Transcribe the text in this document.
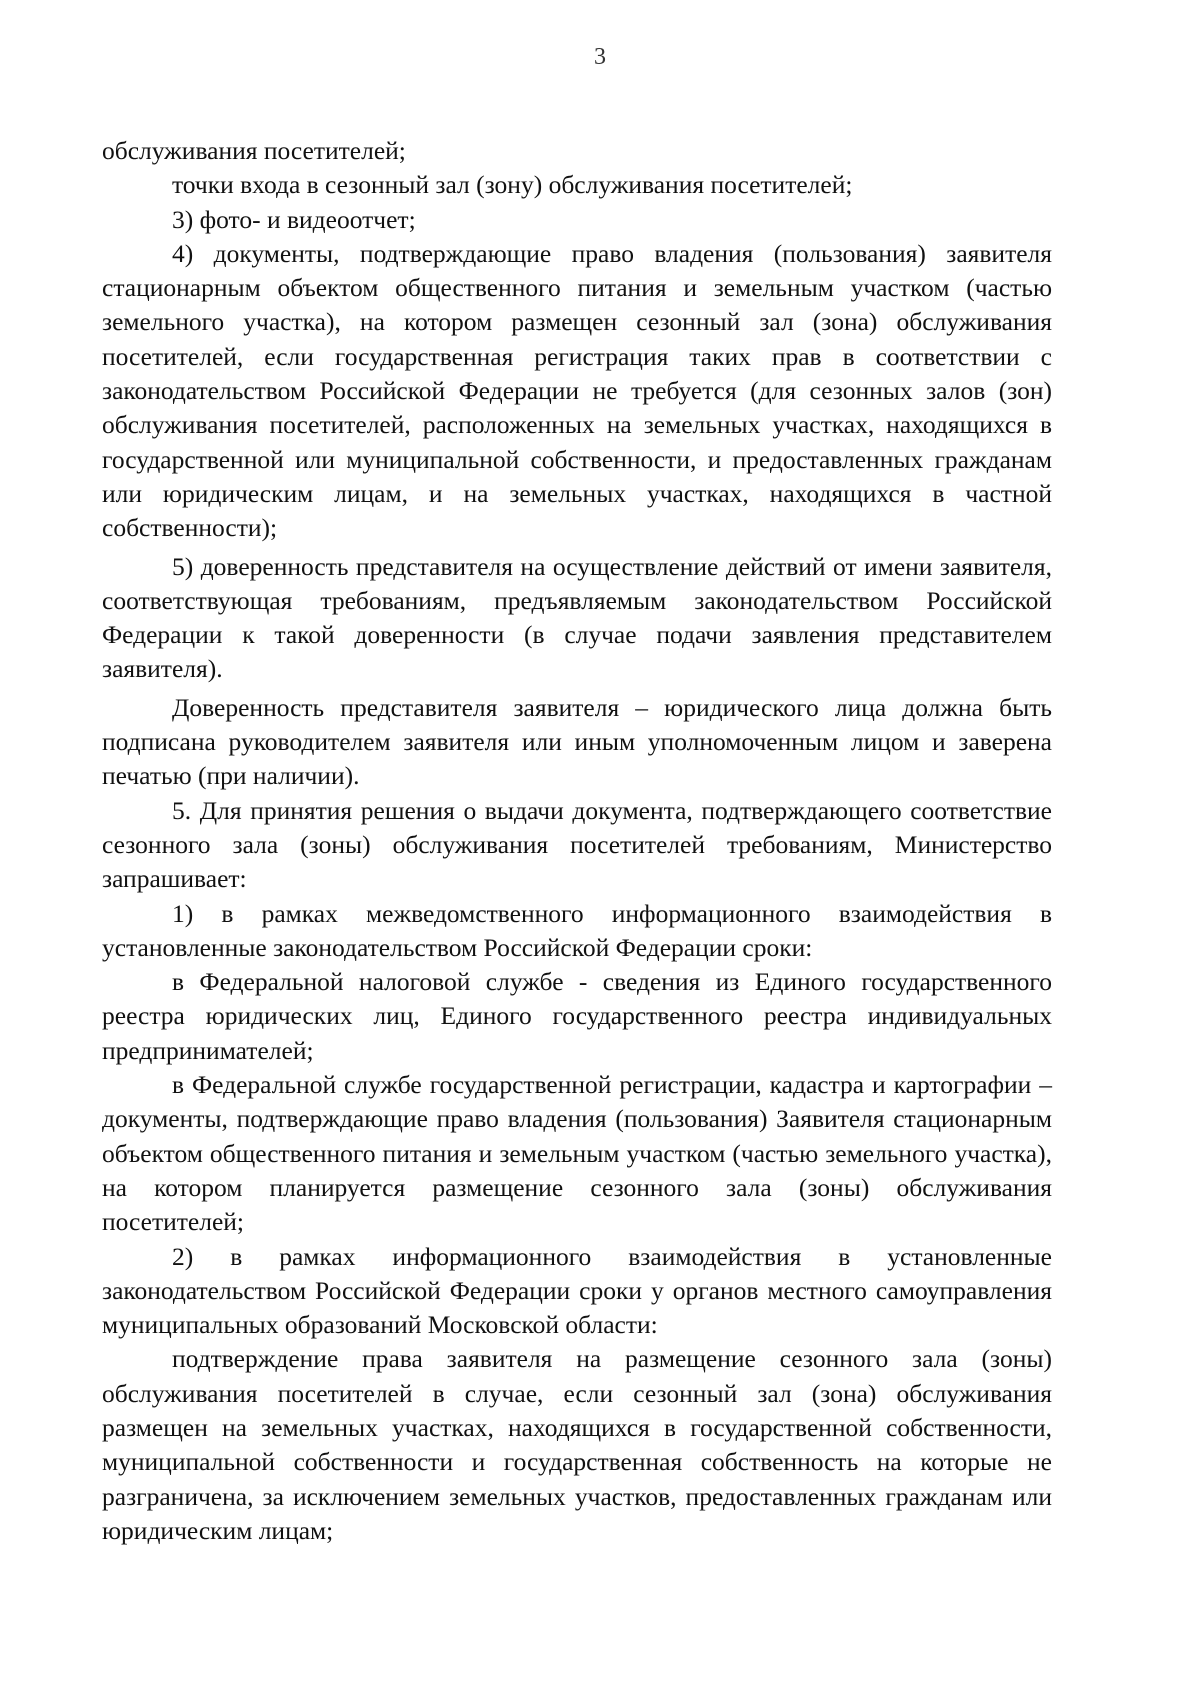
3

обслуживания посетителей;

точки входа в сезонный зал (зону) обслуживания посетителей;

3) фото- и видеоотчет;

4) документы, подтверждающие право владения (пользования) заявителя стационарным объектом общественного питания и земельным участком (частью земельного участка), на котором размещен сезонный зал (зона) обслуживания посетителей, если государственная регистрация таких прав в соответствии с законодательством Российской Федерации не требуется (для сезонных залов (зон) обслуживания посетителей, расположенных на земельных участках, находящихся в государственной или муниципальной собственности, и предоставленных гражданам или юридическим лицам, и на земельных участках, находящихся в частной собственности);

5) доверенность представителя на осуществление действий от имени заявителя, соответствующая требованиям, предъявляемым законодательством Российской Федерации к такой доверенности (в случае подачи заявления представителем заявителя).

Доверенность представителя заявителя – юридического лица должна быть подписана руководителем заявителя или иным уполномоченным лицом и заверена печатью (при наличии).

5. Для принятия решения о выдачи документа, подтверждающего соответствие сезонного зала (зоны) обслуживания посетителей требованиям, Министерство запрашивает:

1) в рамках межведомственного информационного взаимодействия в установленные законодательством Российской Федерации сроки:

в Федеральной налоговой службе - сведения из Единого государственного реестра юридических лиц, Единого государственного реестра индивидуальных предпринимателей;

в Федеральной службе государственной регистрации, кадастра и картографии – документы, подтверждающие право владения (пользования) Заявителя стационарным объектом общественного питания и земельным участком (частью земельного участка), на котором планируется размещение сезонного зала (зоны) обслуживания посетителей;

2) в рамках информационного взаимодействия в установленные законодательством Российской Федерации сроки у органов местного самоуправления муниципальных образований Московской области:

подтверждение права заявителя на размещение сезонного зала (зоны) обслуживания посетителей в случае, если сезонный зал (зона) обслуживания размещен на земельных участках, находящихся в государственной собственности, муниципальной собственности и государственная собственность на которые не разграничена, за исключением земельных участков, предоставленных гражданам или юридическим лицам;
